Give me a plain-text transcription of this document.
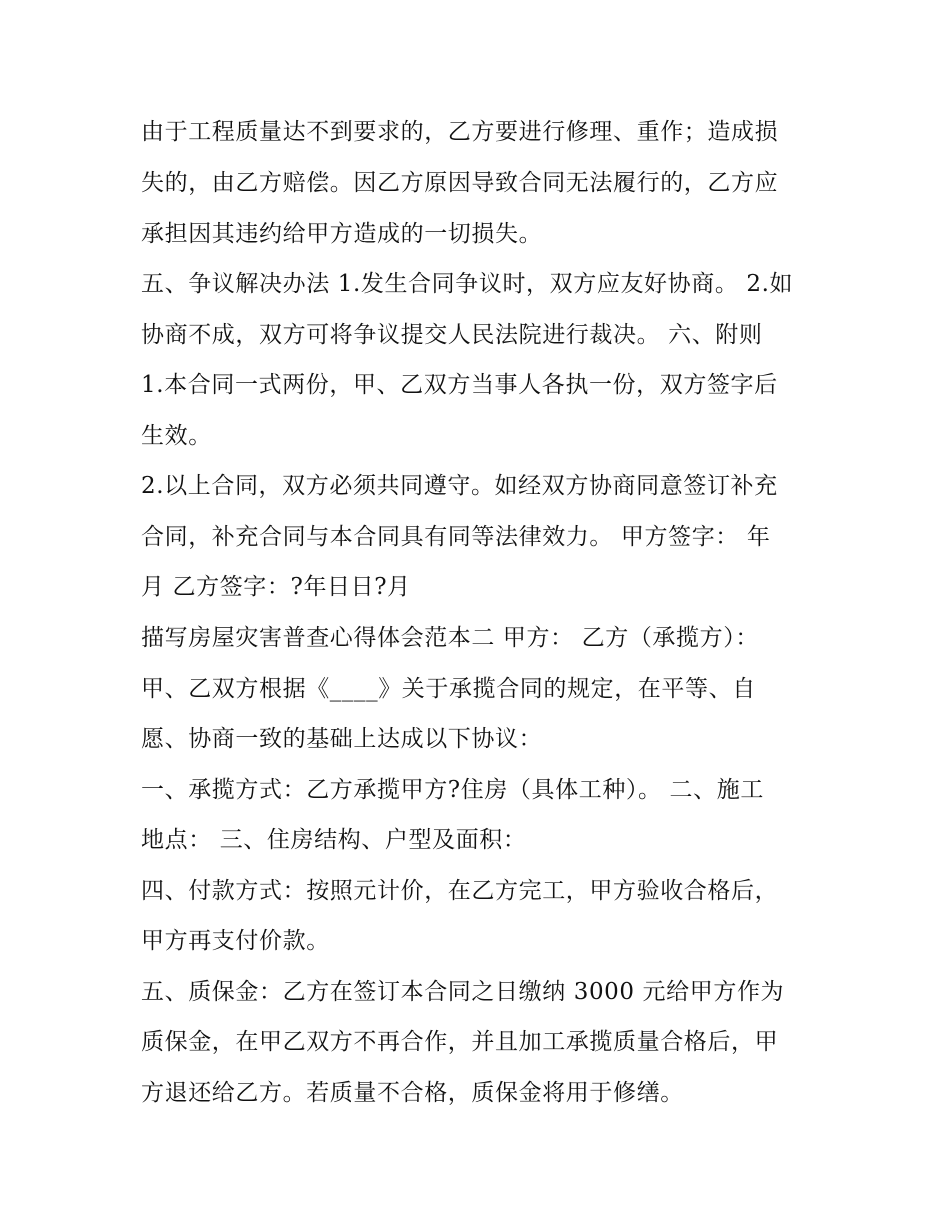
由于工程质量达不到要求的，乙方要进行修理、重作；造成损
失的，由乙方赔偿。因乙方原因导致合同无法履行的，乙方应
承担因其违约给甲方造成的一切损失。
五、争议解决办法 1.发生合同争议时，双方应友好协商。 2.如
协商不成，双方可将争议提交人民法院进行裁决。 六、附则
1.本合同一式两份，甲、乙双方当事人各执一份，双方签字后
生效。
2.以上合同，双方必须共同遵守。如经双方协商同意签订补充
合同，补充合同与本合同具有同等法律效力。 甲方签字： 年
月 乙方签字：?年日日?月
描写房屋灾害普查心得体会范本二 甲方： 乙方（承揽方）：
甲、乙双方根据《____》关于承揽合同的规定，在平等、自
愿、协商一致的基础上达成以下协议：
一、承揽方式：乙方承揽甲方?住房（具体工种）。 二、施工
地点： 三、住房结构、户型及面积：
四、付款方式：按照元计价，在乙方完工，甲方验收合格后，
甲方再支付价款。
五、质保金：乙方在签订本合同之日缴纳 3000 元给甲方作为
质保金，在甲乙双方不再合作，并且加工承揽质量合格后，甲
方退还给乙方。若质量不合格，质保金将用于修缮。
